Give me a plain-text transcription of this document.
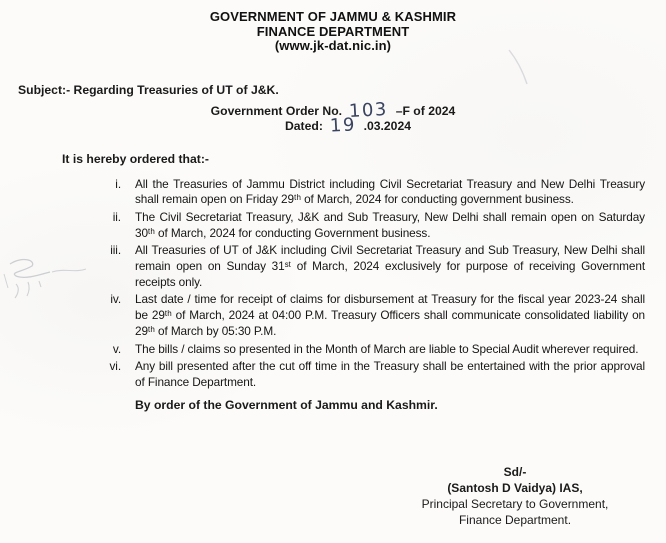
GOVERNMENT OF JAMMU & KASHMIR
FINANCE DEPARTMENT
(www.jk-dat.nic.in)
Subject:- Regarding Treasuries of UT of J&K.
Government Order No. 103 –F of 2024
Dated: 19 .03.2024
It is hereby ordered that:-
i. All the Treasuries of Jammu District including Civil Secretariat Treasury and New Delhi Treasury shall remain open on Friday 29ᵗʰ of March, 2024 for conducting government business.
ii. The Civil Secretariat Treasury, J&K and Sub Treasury, New Delhi shall remain open on Saturday 30ᵗʰ of March, 2024 for conducting Government business.
iii. All Treasuries of UT of J&K including Civil Secretariat Treasury and Sub Treasury, New Delhi shall remain open on Sunday 31ˢᵗ of March, 2024 exclusively for purpose of receiving Government receipts only.
iv. Last date / time for receipt of claims for disbursement at Treasury for the fiscal year 2023-24 shall be 29ᵗʰ of March, 2024 at 04:00 P.M. Treasury Officers shall communicate consolidated liability on 29ᵗʰ of March by 05:30 P.M.
v. The bills / claims so presented in the Month of March are liable to Special Audit wherever required.
vi. Any bill presented after the cut off time in the Treasury shall be entertained with the prior approval of Finance Department.
By order of the Government of Jammu and Kashmir.
Sd/-
(Santosh D Vaidya) IAS,
Principal Secretary to Government,
Finance Department.
